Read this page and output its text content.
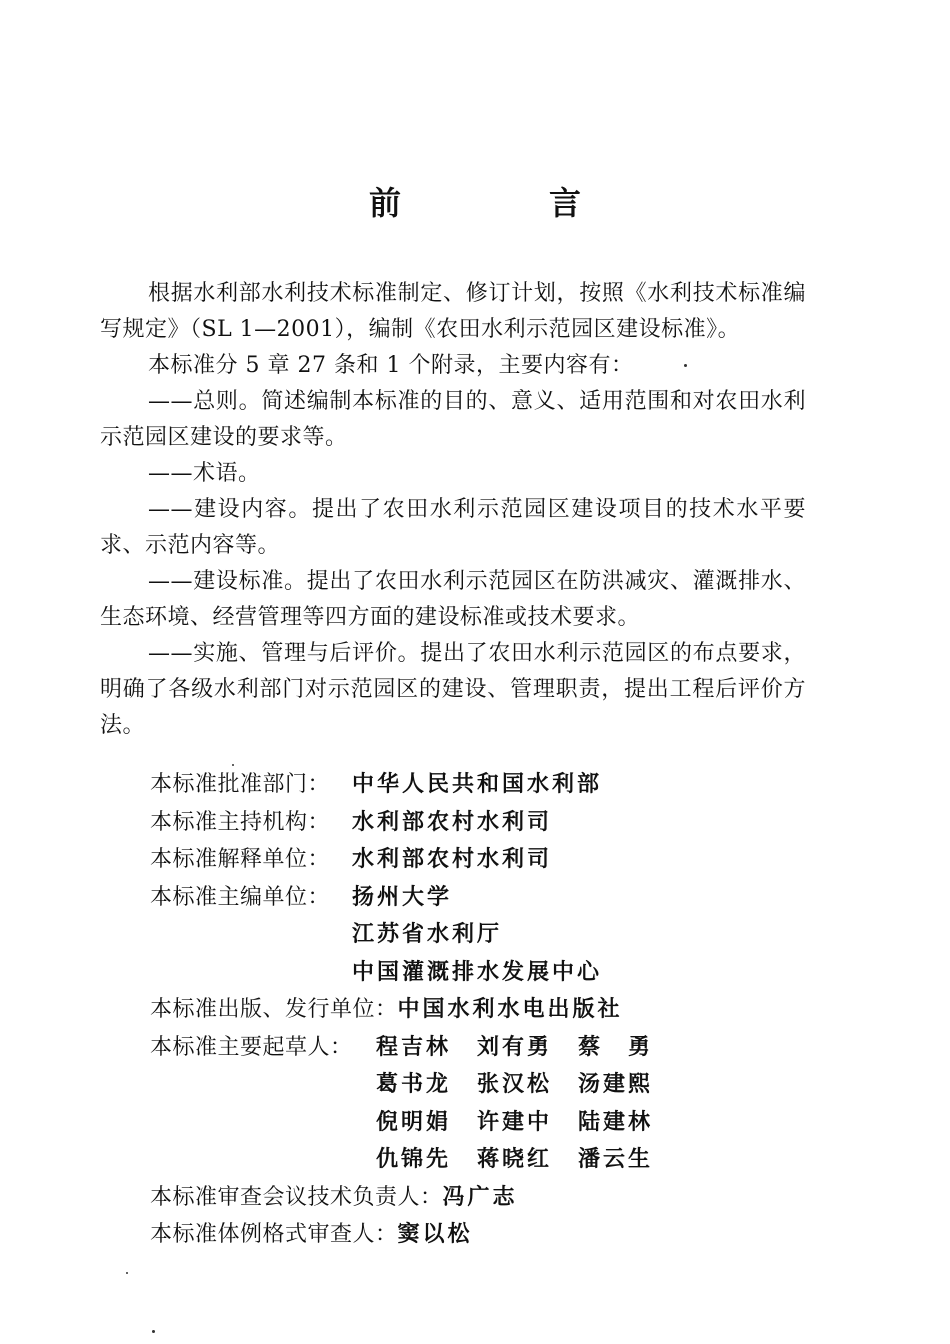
前　言

根据水利部水利技术标准制定、修订计划，按照《水利技术标准编写规定》（SL 1—2001），编制《农田水利示范园区建设标准》。

本标准分 5 章 27 条和 1 个附录，主要内容有：

——总则。简述编制本标准的目的、意义、适用范围和对农田水利示范园区建设的要求等。

——术语。

——建设内容。提出了农田水利示范园区建设项目的技术水平要求、示范内容等。

——建设标准。提出了农田水利示范园区在防洪减灾、灌溉排水、生态环境、经营管理等四方面的建设标准或技术要求。

——实施、管理与后评价。提出了农田水利示范园区的布点要求，明确了各级水利部门对示范园区的建设、管理职责，提出工程后评价方法。

本标准批准部门： 中华人民共和国水利部
本标准主持机构： 水利部农村水利司
本标准解释单位： 水利部农村水利司
本标准主编单位： 扬州大学
江苏省水利厅
中国灌溉排水发展中心
本标准出版、发行单位： 中国水利水电出版社
本标准主要起草人：	程吉林	刘有勇	蔡　勇
葛书龙	张汉松	汤建熙
倪明娟	许建中	陆建林
仇锦先	蒋晓红	潘云生
本标准审查会议技术负责人： 冯广志
本标准体例格式审查人： 窦以松
